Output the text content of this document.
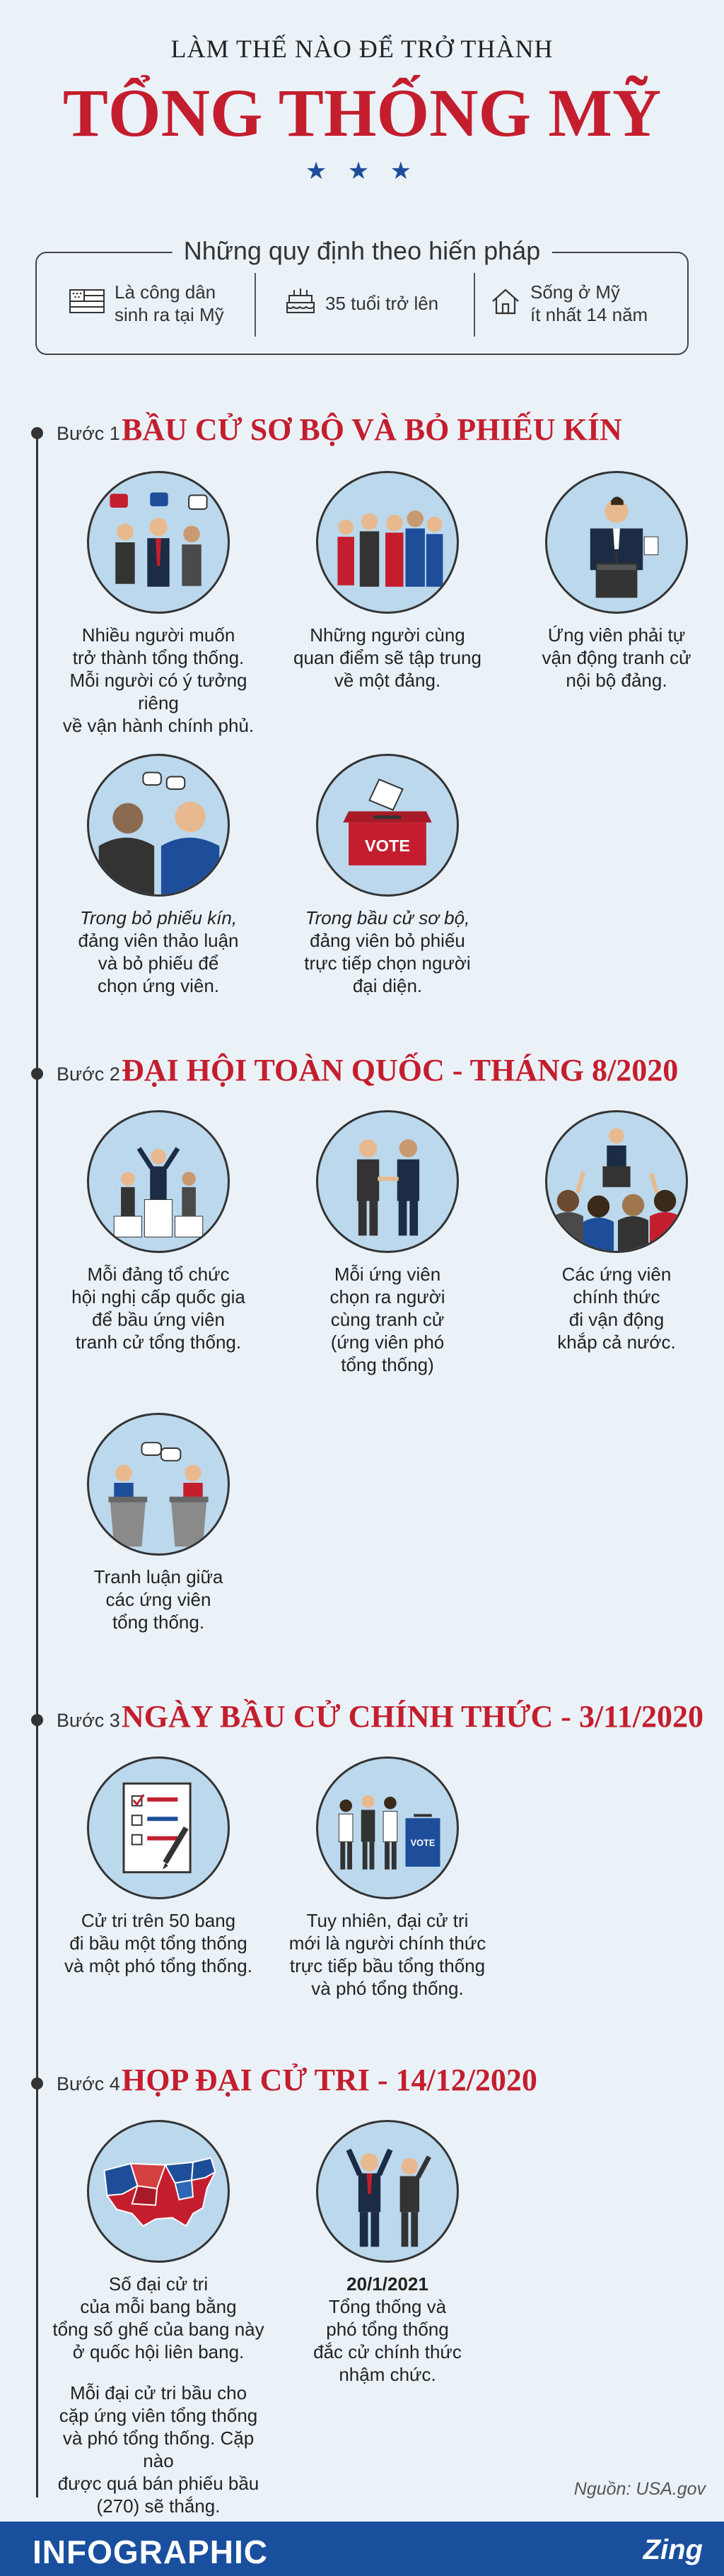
LÀM THẾ NÀO ĐỂ TRỞ THÀNH
TỔNG THỐNG MỸ
★ ★ ★
Những quy định theo hiến pháp
Là công dân
sinh ra tại Mỹ
35 tuổi trở lên
Sống ở Mỹ
ít nhất 14 năm
Bước 1 BẦU CỬ SƠ BỘ VÀ BỎ PHIẾU KÍN
Nhiều người muốn
trở thành tổng thống.
Mỗi người có ý tưởng riêng
về vận hành chính phủ.
Những người cùng
quan điểm sẽ tập trung
về một đảng.
Ứng viên phải tự
vận động tranh cử
nội bộ đảng.
Trong bỏ phiếu kín,
đảng viên thảo luận
và bỏ phiếu để
chọn ứng viên.
VOTE
Trong bầu cử sơ bộ,
đảng viên bỏ phiếu
trực tiếp chọn người
đại diện.
Bước 2 ĐẠI HỘI TOÀN QUỐC - THÁNG 8/2020
Mỗi đảng tổ chức
hội nghị cấp quốc gia
để bầu ứng viên
tranh cử tổng thống.
Mỗi ứng viên
chọn ra người
cùng tranh cử
(ứng viên phó
tổng thống)
Các ứng viên
chính thức
đi vận động
khắp cả nước.
Tranh luận giữa
các ứng viên
tổng thống.
Bước 3 NGÀY BẦU CỬ CHÍNH THỨC - 3/11/2020
Cử tri trên 50 bang
đi bầu một tổng thống
và một phó tổng thống.
VOTE
Tuy nhiên, đại cử tri
mới là người chính thức
trực tiếp bầu tổng thống
và phó tổng thống.
Bước 4 HỌP ĐẠI CỬ TRI - 14/12/2020
Số đại cử tri
của mỗi bang bằng
tổng số ghế của bang này
ở quốc hội liên bang.
Mỗi đại cử tri bầu cho
cặp ứng viên tổng thống
và phó tổng thống. Cặp nào
được quá bán phiếu bầu
(270) sẽ thắng.
20/1/2021
Tổng thống và
phó tổng thống
đắc cử chính thức
nhậm chức.
Nguồn: USA.gov
INFOGRAPHIC	Zing
